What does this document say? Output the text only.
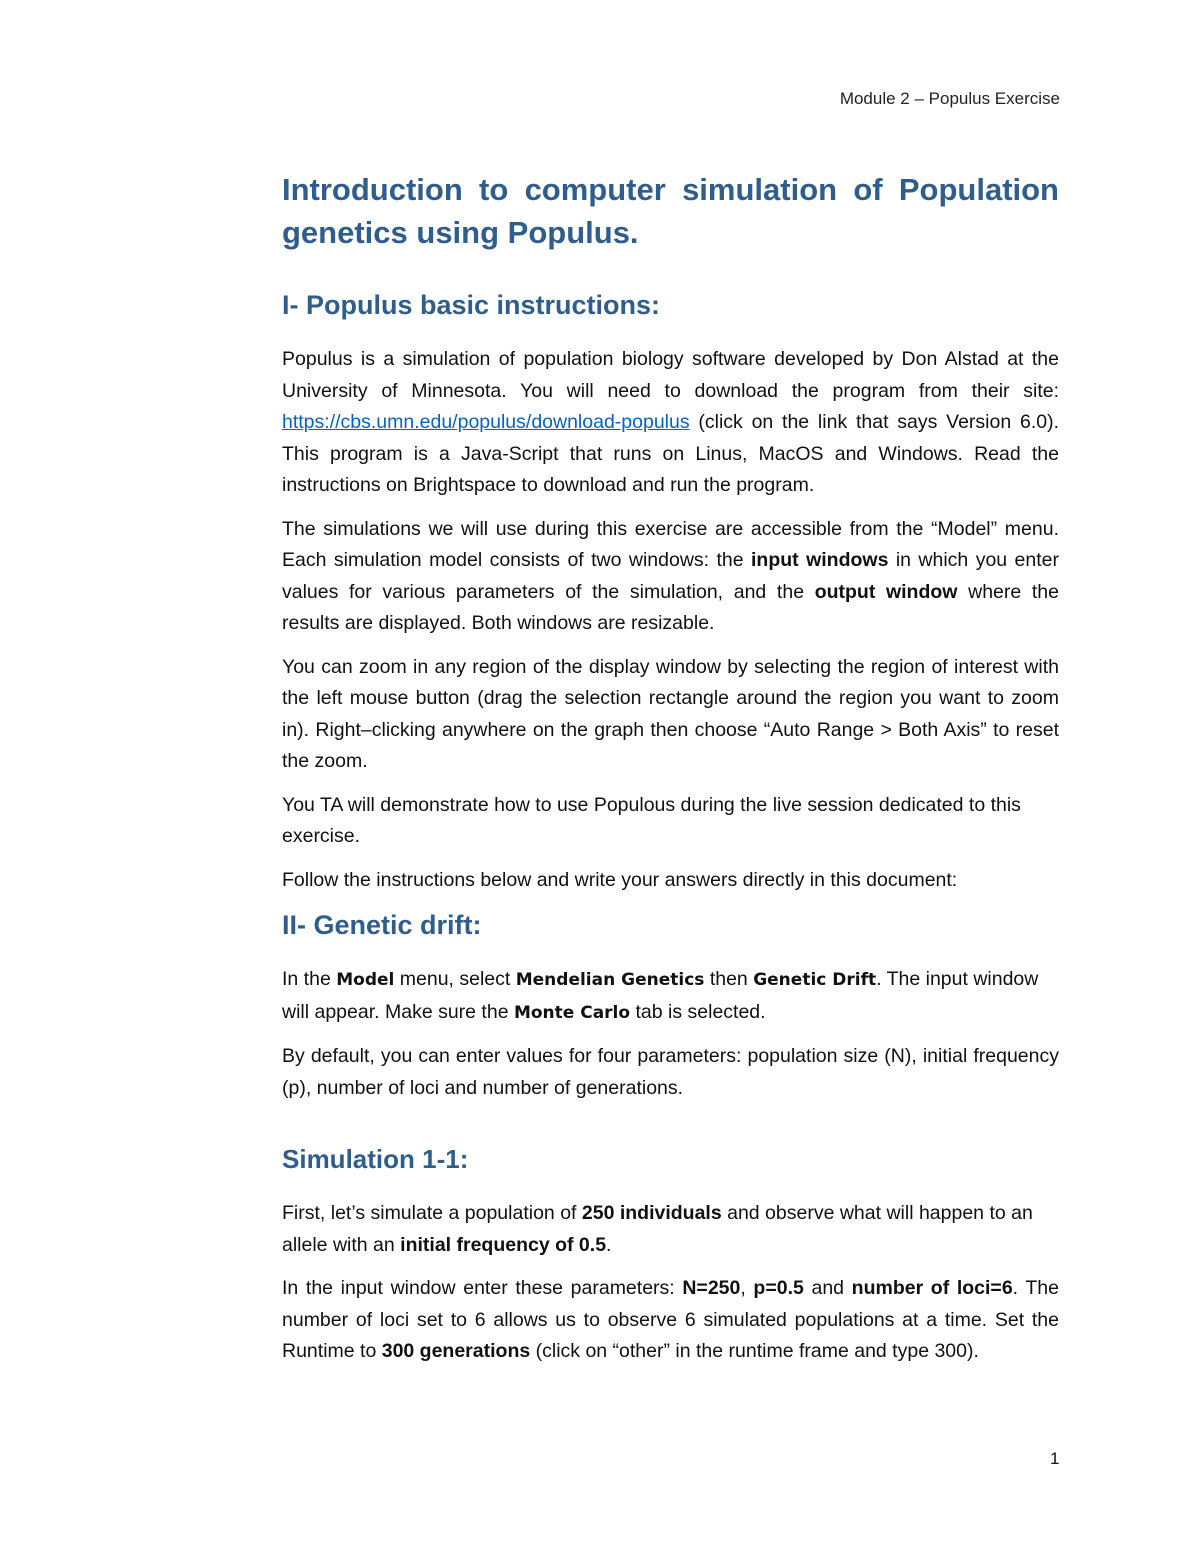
Module 2 – Populus Exercise
Introduction to computer simulation of Population genetics using Populus.
I- Populus basic instructions:

Populus is a simulation of population biology software developed by Don Alstad at the University of Minnesota. You will need to download the program from their site: https://cbs.umn.edu/populus/download-populus (click on the link that says Version 6.0). This program is a Java-Script that runs on Linus, MacOS and Windows. Read the instructions on Brightspace to download and run the program.

The simulations we will use during this exercise are accessible from the “Model” menu. Each simulation model consists of two windows: the input windows in which you enter values for various parameters of the simulation, and the output window where the results are displayed. Both windows are resizable.

You can zoom in any region of the display window by selecting the region of interest with the left mouse button (drag the selection rectangle around the region you want to zoom in). Right–clicking anywhere on the graph then choose “Auto Range > Both Axis” to reset the zoom.

You TA will demonstrate how to use Populous during the live session dedicated to this exercise.

Follow the instructions below and write your answers directly in this document:

II- Genetic drift:

In the Model menu, select Mendelian Genetics then Genetic Drift. The input window will appear. Make sure the Monte Carlo tab is selected.

By default, you can enter values for four parameters: population size (N), initial frequency (p), number of loci and number of generations.

Simulation 1-1:

First, let’s simulate a population of 250 individuals and observe what will happen to an allele with an initial frequency of 0.5.

In the input window enter these parameters: N=250, p=0.5 and number of loci=6. The number of loci set to 6 allows us to observe 6 simulated populations at a time. Set the Runtime to 300 generations (click on “other” in the runtime frame and type 300).

1
